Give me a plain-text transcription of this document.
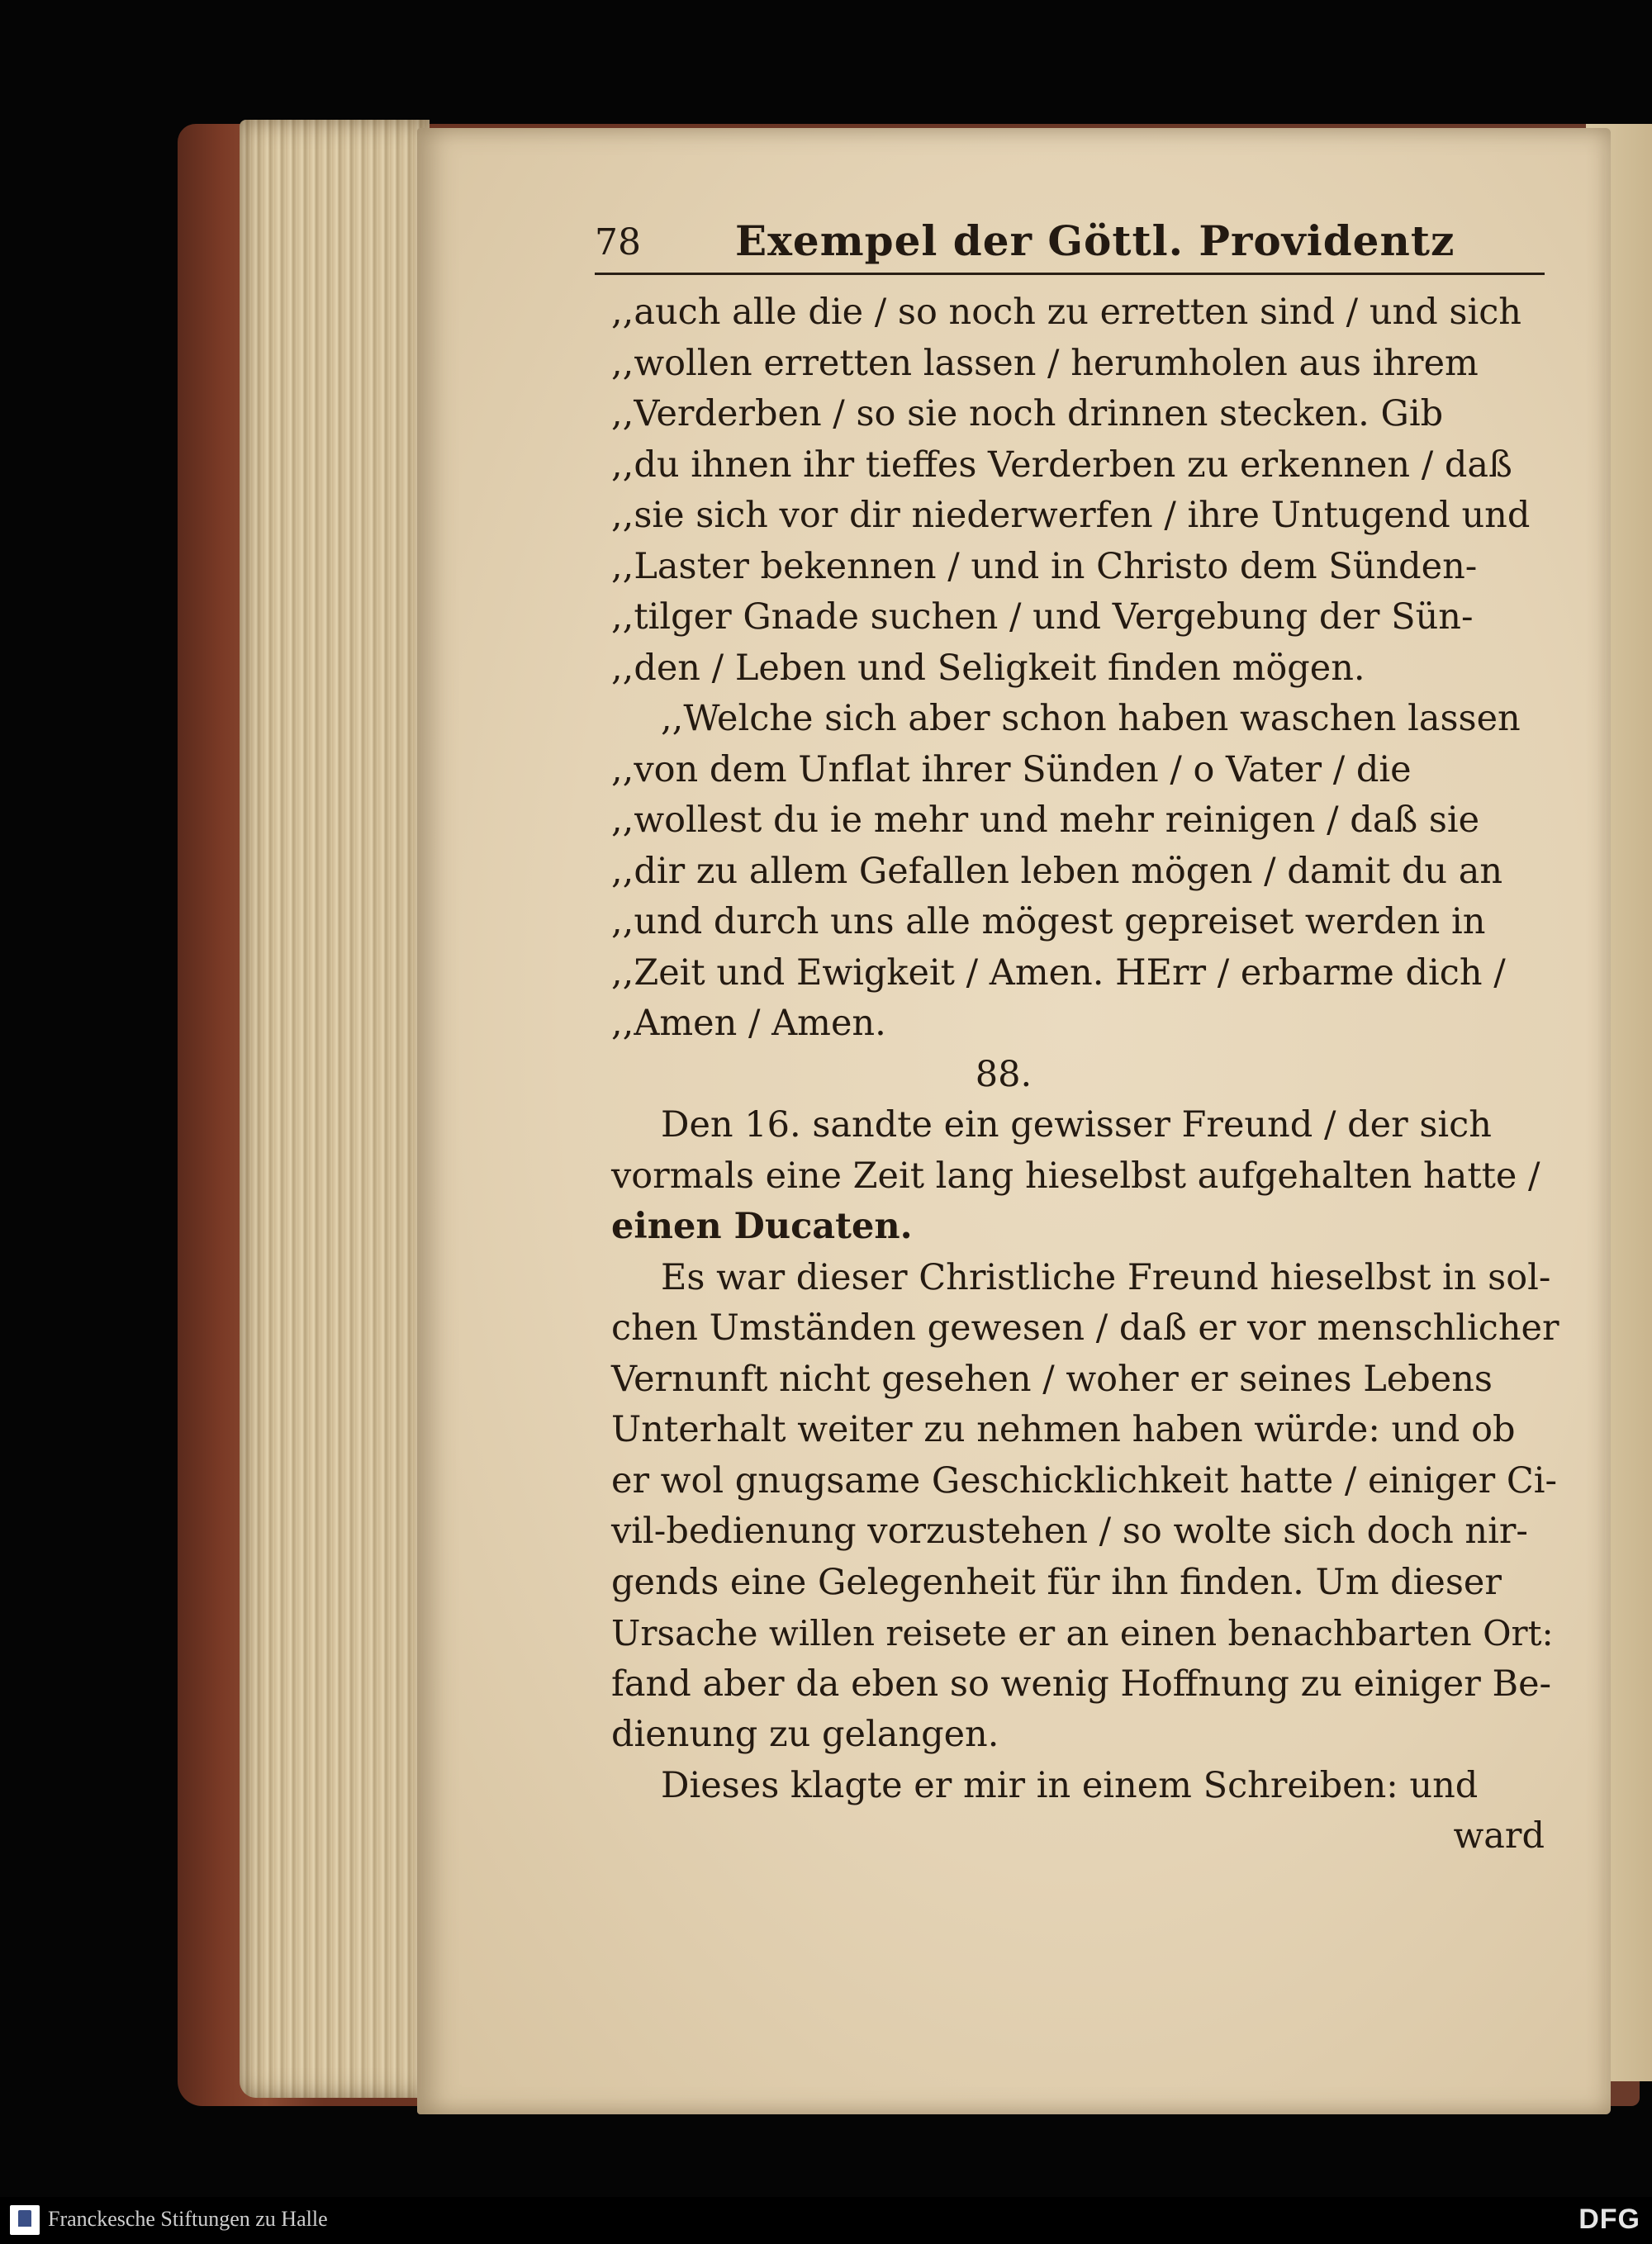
78 Exempel der Göttl. Providentz
,,auch alle die / so noch zu erretten sind / und sich
,,wollen erretten lassen / herumholen aus ihrem
,,Verderben / so sie noch drinnen stecken. Gib
,,du ihnen ihr tieffes Verderben zu erkennen / daß
,,sie sich vor dir niederwerfen / ihre Untugend und
,,Laster bekennen / und in Christo dem Sünden-
,,tilger Gnade suchen / und Vergebung der Sün-
,,den / Leben und Seligkeit finden mögen.
,,Welche sich aber schon haben waschen lassen
,,von dem Unflat ihrer Sünden / o Vater / die
,,wollest du ie mehr und mehr reinigen / daß sie
,,dir zu allem Gefallen leben mögen / damit du an
,,und durch uns alle mögest gepreiset werden in
,,Zeit und Ewigkeit / Amen. HErr / erbarme dich /
,,Amen / Amen.
88.
Den 16. sandte ein gewisser Freund / der sich
vormals eine Zeit lang hieselbst aufgehalten hatte /
einen Ducaten.
Es war dieser Christliche Freund hieselbst in sol-
chen Umständen gewesen / daß er vor menschlicher
Vernunft nicht gesehen / woher er seines Lebens
Unterhalt weiter zu nehmen haben würde: und ob
er wol gnugsame Geschicklichkeit hatte / einiger Ci-
vil-bedienung vorzustehen / so wolte sich doch nir-
gends eine Gelegenheit für ihn finden. Um dieser
Ursache willen reisete er an einen benachbarten Ort:
fand aber da eben so wenig Hoffnung zu einiger Be-
dienung zu gelangen.
Dieses klagte er mir in einem Schreiben: und
ward
Franckesche Stiftungen zu Halle	DFG
